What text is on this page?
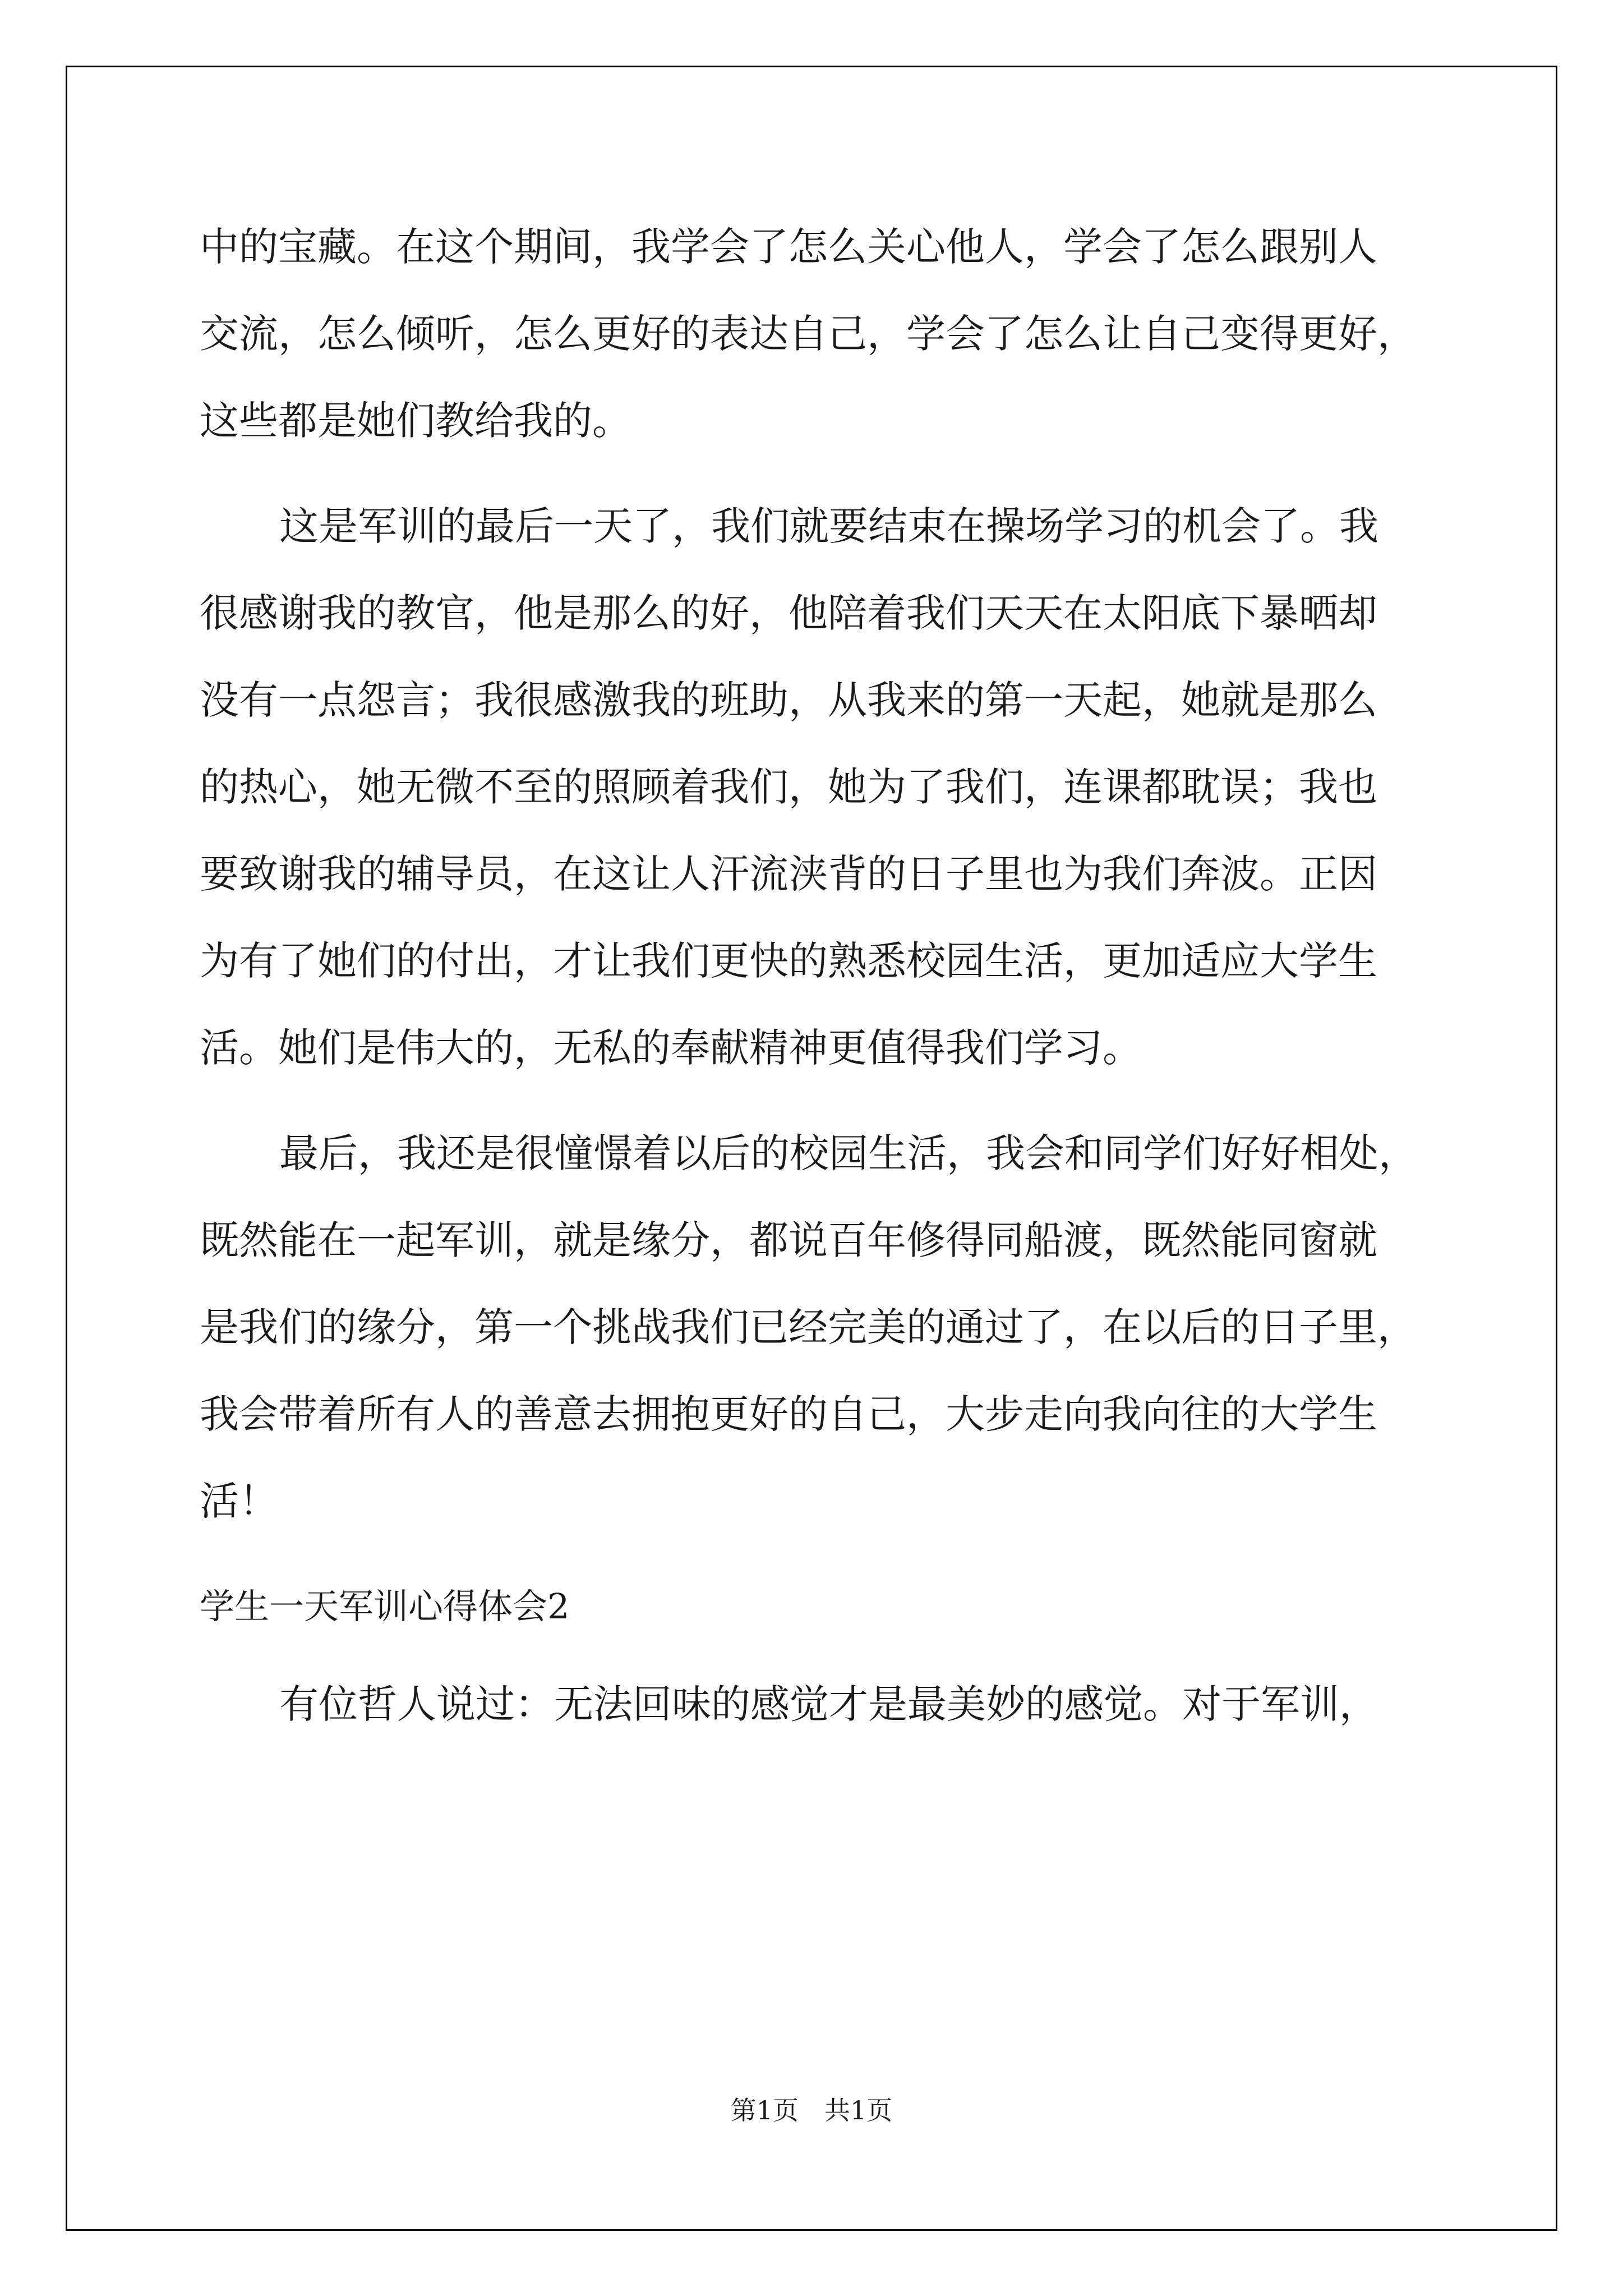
中的宝藏。在这个期间，我学会了怎么关心他人，学会了怎么跟别人

交流，怎么倾听，怎么更好的表达自己，学会了怎么让自己变得更好，

这些都是她们教给我的。

这是军训的最后一天了，我们就要结束在操场学习的机会了。我

很感谢我的教官，他是那么的好，他陪着我们天天在太阳底下暴晒却

没有一点怨言；我很感激我的班助，从我来的第一天起，她就是那么

的热心，她无微不至的照顾着我们，她为了我们，连课都耽误；我也

要致谢我的辅导员，在这让人汗流浃背的日子里也为我们奔波。正因

为有了她们的付出，才让我们更快的熟悉校园生活，更加适应大学生

活。她们是伟大的，无私的奉献精神更值得我们学习。

最后，我还是很憧憬着以后的校园生活，我会和同学们好好相处，

既然能在一起军训，就是缘分，都说百年修得同船渡，既然能同窗就

是我们的缘分，第一个挑战我们已经完美的通过了，在以后的日子里，

我会带着所有人的善意去拥抱更好的自己，大步走向我向往的大学生

活！

学生一天军训心得体会2

有位哲人说过：无法回味的感觉才是最美妙的感觉。对于军训，

第1页　共1页
